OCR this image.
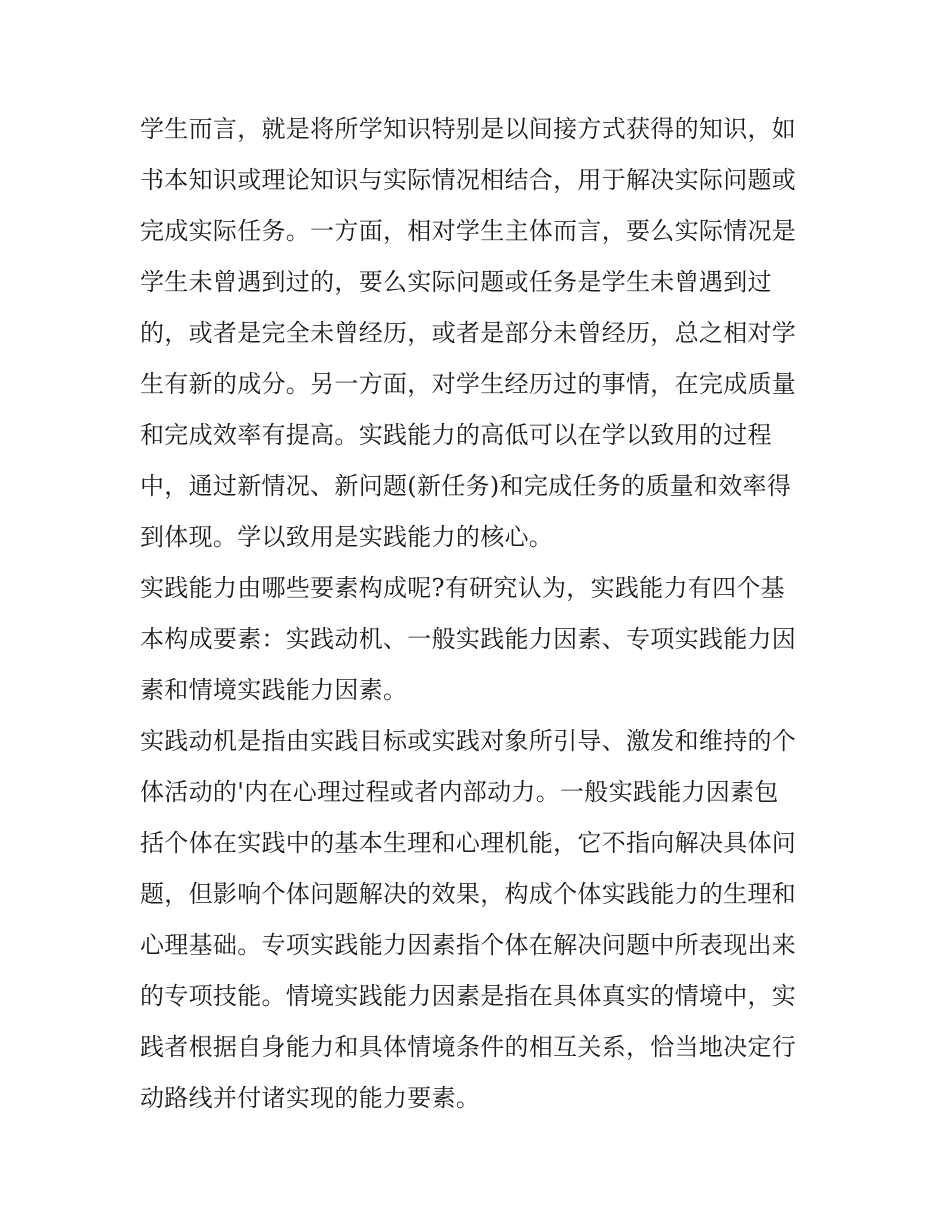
学生而言，就是将所学知识特别是以间接方式获得的知识，如
书本知识或理论知识与实际情况相结合，用于解决实际问题或
完成实际任务。一方面，相对学生主体而言，要么实际情况是
学生未曾遇到过的，要么实际问题或任务是学生未曾遇到过
的，或者是完全未曾经历，或者是部分未曾经历，总之相对学
生有新的成分。另一方面，对学生经历过的事情，在完成质量
和完成效率有提高。实践能力的高低可以在学以致用的过程
中，通过新情况、新问题(新任务)和完成任务的质量和效率得
到体现。学以致用是实践能力的核心。
实践能力由哪些要素构成呢?有研究认为，实践能力有四个基
本构成要素：实践动机、一般实践能力因素、专项实践能力因
素和情境实践能力因素。
实践动机是指由实践目标或实践对象所引导、激发和维持的个
体活动的'内在心理过程或者内部动力。一般实践能力因素包
括个体在实践中的基本生理和心理机能，它不指向解决具体问
题，但影响个体问题解决的效果，构成个体实践能力的生理和
心理基础。专项实践能力因素指个体在解决问题中所表现出来
的专项技能。情境实践能力因素是指在具体真实的情境中，实
践者根据自身能力和具体情境条件的相互关系，恰当地决定行
动路线并付诸实现的能力要素。
